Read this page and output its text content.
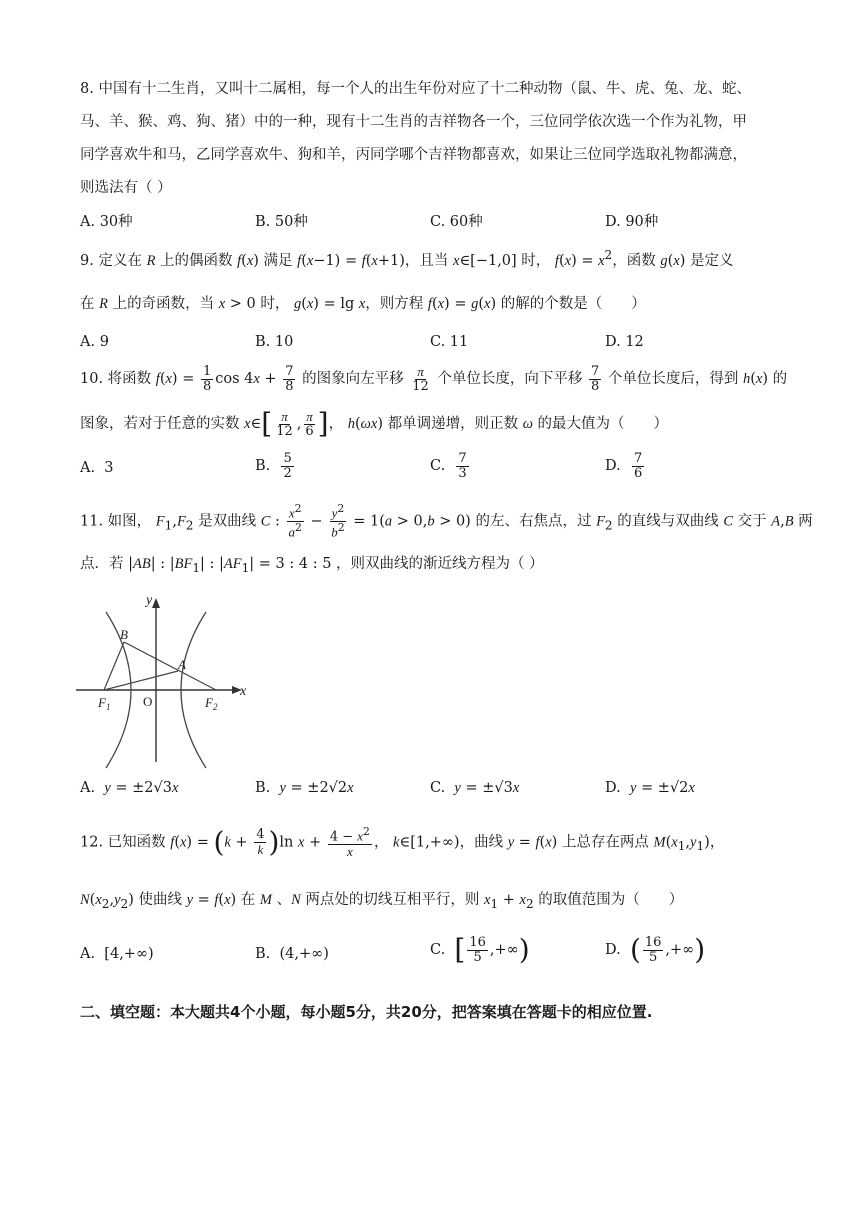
8. 中国有十二生肖，又叫十二属相，每一个人的出生年份对应了十二种动物（鼠、牛、虎、兔、龙、蛇、
马、羊、猴、鸡、狗、猪）中的一种，现有十二生肖的吉祥物各一个，三位同学依次选一个作为礼物，甲
同学喜欢牛和马，乙同学喜欢牛、狗和羊，丙同学哪个吉祥物都喜欢，如果让三位同学选取礼物都满意，
则选法有（ ）
A. 30种	B. 50种	C. 60种	D. 90种
9. 定义在 R 上的偶函数 f(x) 满足 f(x−1) = f(x+1)，且当 x∈[−1,0] 时， $f(x) = x^2$，函数 g(x) 是定义
在 R 上的奇函数，当 x > 0 时， g(x) = lg x，则方程 f(x) = g(x) 的解的个数是（　　）
A. 9	B. 10	C. 11	D. 12
10. 将函数 $f(x) = \frac{1}{8}$ $\cos 4x + \frac{7}{8}$ 的图象向左平移 $\frac{\pi}{12}$ 个单位长度，向下平移 $\frac{7}{8}$ 个单位长度后，得到 h(x) 的
图象，若对于任意的实数 x∈[ $\frac{\pi}{12}$ , $\frac{\pi}{6}$ ]， h(ωx) 都单调递增，则正数 ω 的最大值为（　　）
A.  3	B. $\frac{5}{2}$	C. $\frac{7}{3}$	D. $\frac{7}{6}$
11. 如图， $F_1,F_2$ 是双曲线 C : $\frac{x^2}{a^2} - \frac{y^2}{b^2} = 1(a > 0,b > 0)$ 的左、右焦点，过 $F_2$ 的直线与双曲线 C 交于 A,B 两
点．若 |AB| : $|BF_1|$ : $|AF_1| = 3$ : 4 : 5 ，则双曲线的渐近线方程为（ ）
y
x
B
A
O
$F_1$	$F_2$
A. y = ±2√3x	B. y = ±2√2x	C. y = ±√3x	D. y = ±√2x
12. 已知函数 $f(x) = (k + \frac{4}{k} )\ln$ $x + \frac{4 - x^2}{x}$ ， k∈[1,+∞)，曲线 y = f(x) 上总存在两点 $M(x_1,y_1)$，
$N(x_2,y_2)$ 使曲线 y = f(x) 在 M 、N 两点处的切线互相平行，则 $x_1 + x_2$ 的取值范围为（　　）
A.  [4,+∞)	B.  (4,+∞)	C. [ $\frac{16}{5}$ ,+∞)	D. ( $\frac{16}{5}$ ,+∞)
二、填空题：本大题共4个小题，每小题5分，共20分，把答案填在答题卡的相应位置.
